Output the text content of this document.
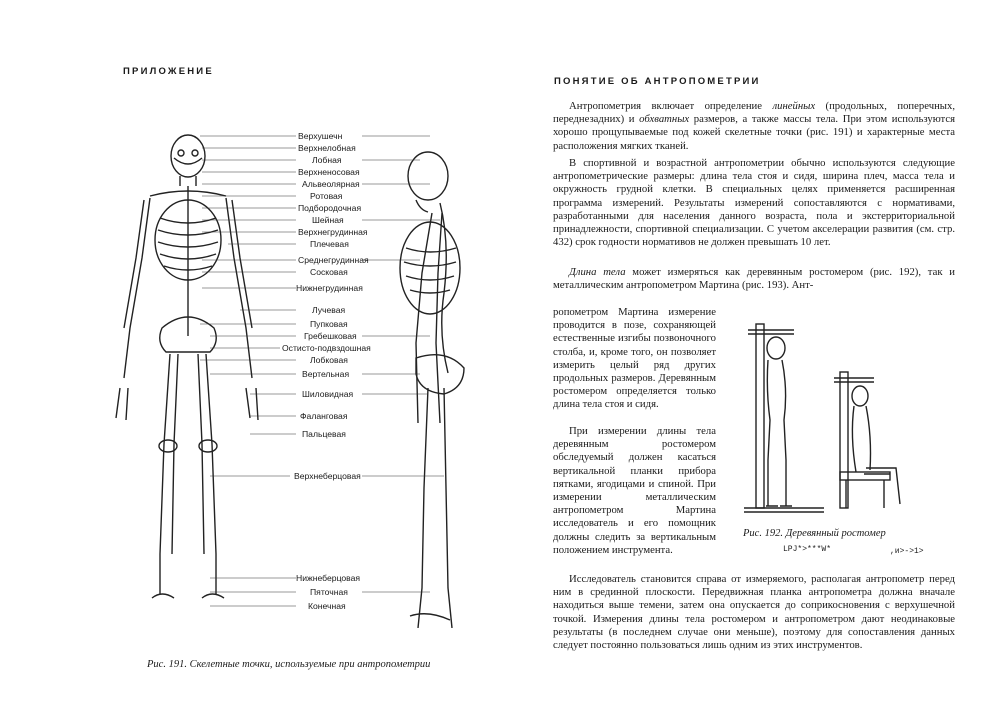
ПРИЛОЖЕНИЕ
Верхушечн
Верхнелобная
Лобная
Верхненосовая
Альвеолярная
Ротовая
Подбородочная
Шейная
Верхнегрудинная
Плечевая
Среднегрудинная
Сосковая
Нижнегрудинная
Лучевая
Пупковая
Гребешковая
Остисто-подвздошная
Лобковая
Вертельная
Шиловидная
Фаланговая
Пальцевая
Верхнеберцовая
Нижнеберцовая
Пяточная
Конечная
Рис. 191. Скелетные точки, используемые при антропометрии
ПОНЯТИЕ ОБ АНТРОПОМЕТРИИ
Антропометрия включает определение линейных (продольных, поперечных, переднезадних) и обхватных размеров, а также массы тела. При этом используются хорошо прощупываемые под кожей скелетные точки (рис. 191) и характерные места расположения мягких тканей.
В спортивной и возрастной антропометрии обычно используются следующие антропометрические размеры: длина тела стоя и сидя, ширина плеч, масса тела и окружность грудной клетки. В специальных целях применяется расширенная программа измерений. Результаты измерений сопоставляются с нормативами, разработанными для населения данного возраста, пола и экстерриториальной принадлежности, спортивной специализации. С учетом акселерации развития (см. стр. 432) срок годности нормативов не должен превышать 10 лет.
Длина тела может измеряться как деревянным ростомером (рис. 192), так и металлическим антропометром Мартина (рис. 193). Ант-
ропометром Мартина измерение проводится в позе, сохраняющей естественные изгибы позвоночного столба, и, кроме того, он позволяет измерить целый ряд других продольных размеров. Деревянным ростомером определяется только длина тела стоя и сидя.
При измерении длины тела деревянным ростомером обследуемый должен касаться вертикальной планки прибора пятками, ягодицами и спиной. При измерении металлическим антропометром Мартина исследователь и его помощник должны следить за вертикальным положением инструмента.
Рис. 192. Деревянный ростомер
LPJ*>***W*	,и>->1>
Исследователь становится справа от измеряемого, располагая антропометр перед ним в срединной плоскости. Передвижная планка антропометра должна вначале находиться выше темени, затем она опускается до соприкосновения с верхушечной точкой. Измерения длины тела ростомером и антропометром дают неодинаковые результаты (в последнем случае они меньше), поэтому для сопоставления данных следует постоянно пользоваться лишь одним из этих инструментов.
